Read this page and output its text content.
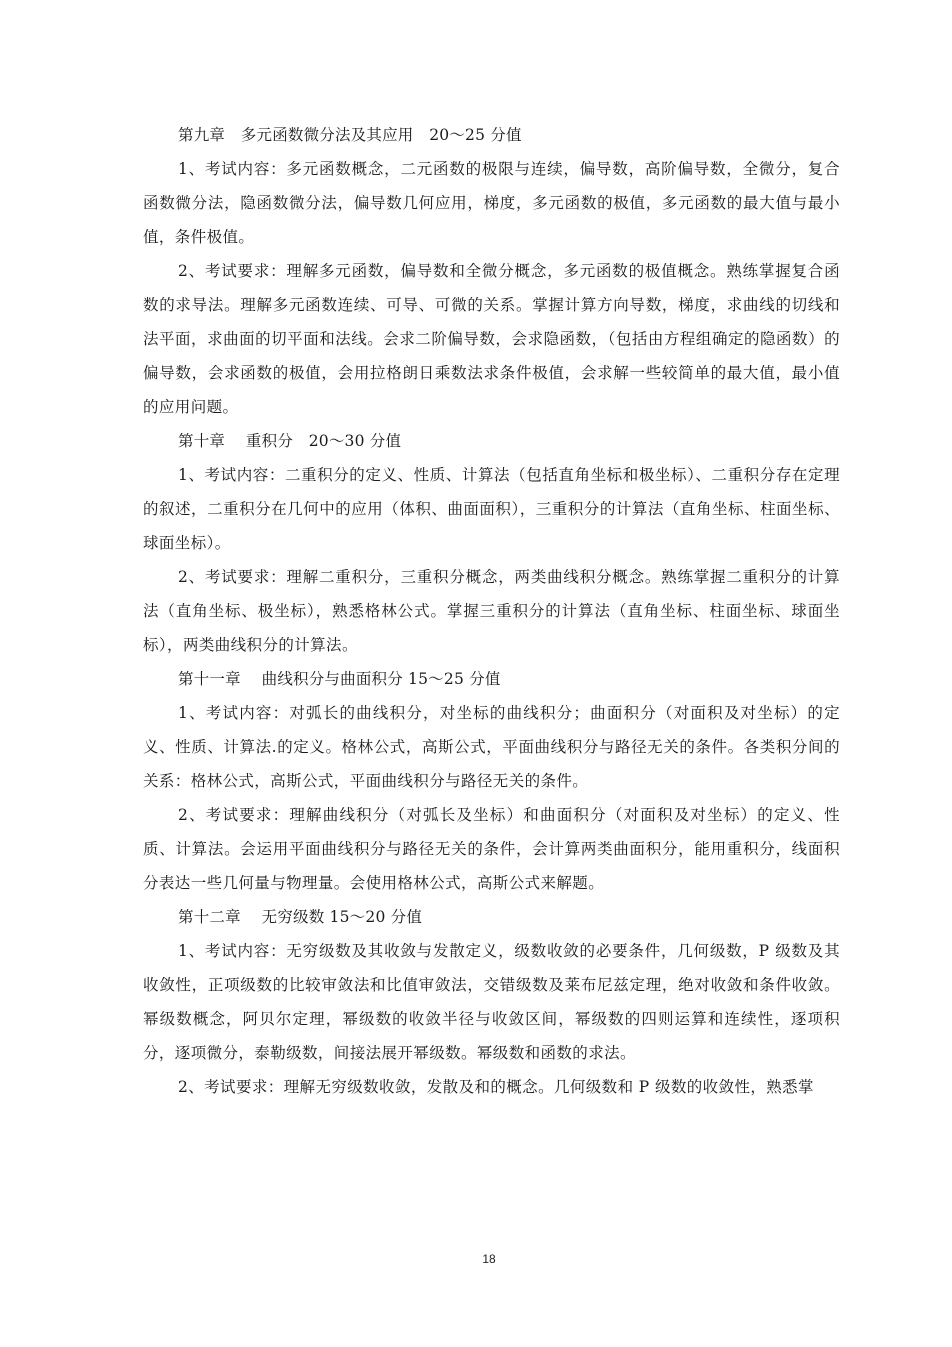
第九章　多元函数微分法及其应用　20～25 分值

1、考试内容：多元函数概念，二元函数的极限与连续，偏导数，高阶偏导数，全微分，复合函数微分法，隐函数微分法，偏导数几何应用，梯度，多元函数的极值，多元函数的最大值与最小值，条件极值。

2、考试要求：理解多元函数，偏导数和全微分概念，多元函数的极值概念。熟练掌握复合函数的求导法。理解多元函数连续、可导、可微的关系。掌握计算方向导数，梯度，求曲线的切线和法平面，求曲面的切平面和法线。会求二阶偏导数，会求隐函数，（包括由方程组确定的隐函数）的偏导数，会求函数的极值，会用拉格朗日乘数法求条件极值，会求解一些较简单的最大值，最小值的应用问题。

第十章　 重积分　20～30 分值

1、考试内容：二重积分的定义、性质、计算法（包括直角坐标和极坐标）、二重积分存在定理的叙述，二重积分在几何中的应用（体积、曲面面积），三重积分的计算法（直角坐标、柱面坐标、球面坐标）。

2、考试要求：理解二重积分，三重积分概念，两类曲线积分概念。熟练掌握二重积分的计算法（直角坐标、极坐标），熟悉格林公式。掌握三重积分的计算法（直角坐标、柱面坐标、球面坐标），两类曲线积分的计算法。

第十一章　 曲线积分与曲面积分 15～25 分值

1、考试内容：对弧长的曲线积分，对坐标的曲线积分；曲面积分（对面积及对坐标）的定义、性质、计算法.的定义。格林公式，高斯公式，平面曲线积分与路径无关的条件。各类积分间的关系：格林公式，高斯公式，平面曲线积分与路径无关的条件。

2、考试要求：理解曲线积分（对弧长及坐标）和曲面积分（对面积及对坐标）的定义、性质、计算法。会运用平面曲线积分与路径无关的条件，会计算两类曲面积分，能用重积分，线面积分表达一些几何量与物理量。会使用格林公式，高斯公式来解题。

第十二章　 无穷级数 15～20 分值

1、考试内容：无穷级数及其收敛与发散定义，级数收敛的必要条件，几何级数，P 级数及其收敛性，正项级数的比较审敛法和比值审敛法，交错级数及莱布尼兹定理，绝对收敛和条件收敛。幂级数概念，阿贝尔定理，幂级数的收敛半径与收敛区间，幂级数的四则运算和连续性，逐项积分，逐项微分，泰勒级数，间接法展开幂级数。幂级数和函数的求法。

2、考试要求：理解无穷级数收敛，发散及和的概念。几何级数和 P 级数的收敛性，熟悉掌

18
